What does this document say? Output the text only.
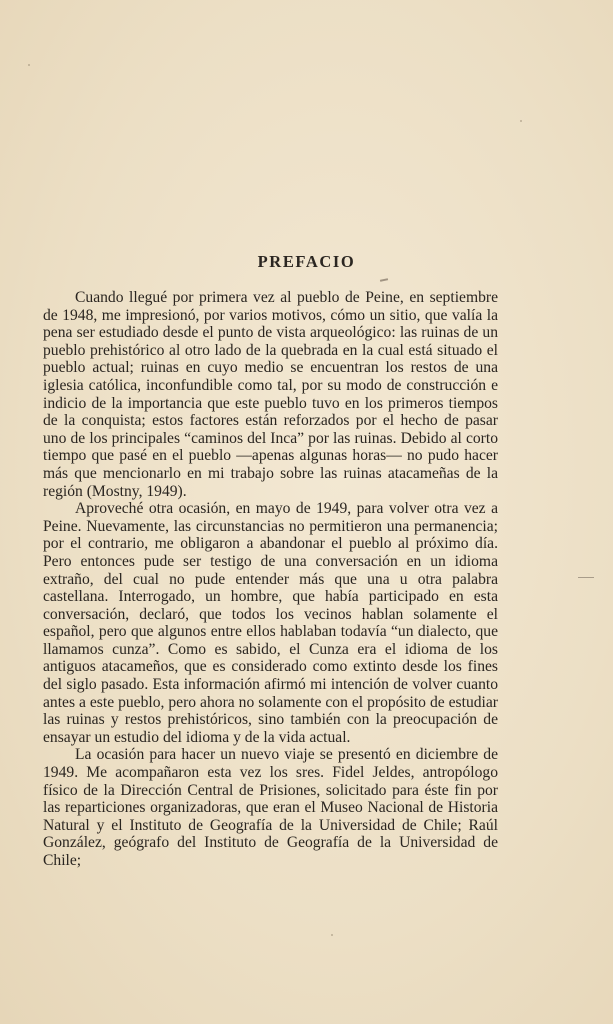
PREFACIO

Cuando llegué por primera vez al pueblo de Peine, en septiembre de 1948, me impresionó, por varios motivos, cómo un sitio, que valía la pena ser estudiado desde el punto de vista arqueológico: las ruinas de un pueblo prehistórico al otro lado de la quebrada en la cual está situado el pueblo actual; ruinas en cuyo medio se encuentran los restos de una iglesia católica, inconfundible como tal, por su modo de construcción e indicio de la importancia que este pueblo tuvo en los primeros tiempos de la conquista; estos factores están reforzados por el hecho de pasar uno de los principales “caminos del Inca” por las ruinas. Debido al corto tiempo que pasé en el pueblo —apenas algunas horas— no pudo hacer más que mencionarlo en mi trabajo sobre las ruinas atacameñas de la región (Mostny, 1949).

Aproveché otra ocasión, en mayo de 1949, para volver otra vez a Peine. Nuevamente, las circunstancias no permitieron una permanencia; por el contrario, me obligaron a abandonar el pueblo al próximo día. Pero entonces pude ser testigo de una conversación en un idioma extraño, del cual no pude entender más que una u otra palabra castellana. Interrogado, un hombre, que había participado en esta conversación, declaró, que todos los vecinos hablan solamente el español, pero que algunos entre ellos hablaban todavía “un dialecto, que llamamos cunza”. Como es sabido, el Cunza era el idioma de los antiguos atacameños, que es considerado como extinto desde los fines del siglo pasado. Esta información afirmó mi intención de volver cuanto antes a este pueblo, pero ahora no solamente con el propósito de estudiar las ruinas y restos prehistóricos, sino también con la preocupación de ensayar un estudio del idioma y de la vida actual.

La ocasión para hacer un nuevo viaje se presentó en diciembre de 1949. Me acompañaron esta vez los sres. Fidel Jeldes, antropólogo físico de la Dirección Central de Prisiones, solicitado para éste fin por las reparticiones organizadoras, que eran el Museo Nacional de Historia Natural y el Instituto de Geografía de la Universidad de Chile; Raúl González, geógrafo del Instituto de Geografía de la Universidad de Chile;
